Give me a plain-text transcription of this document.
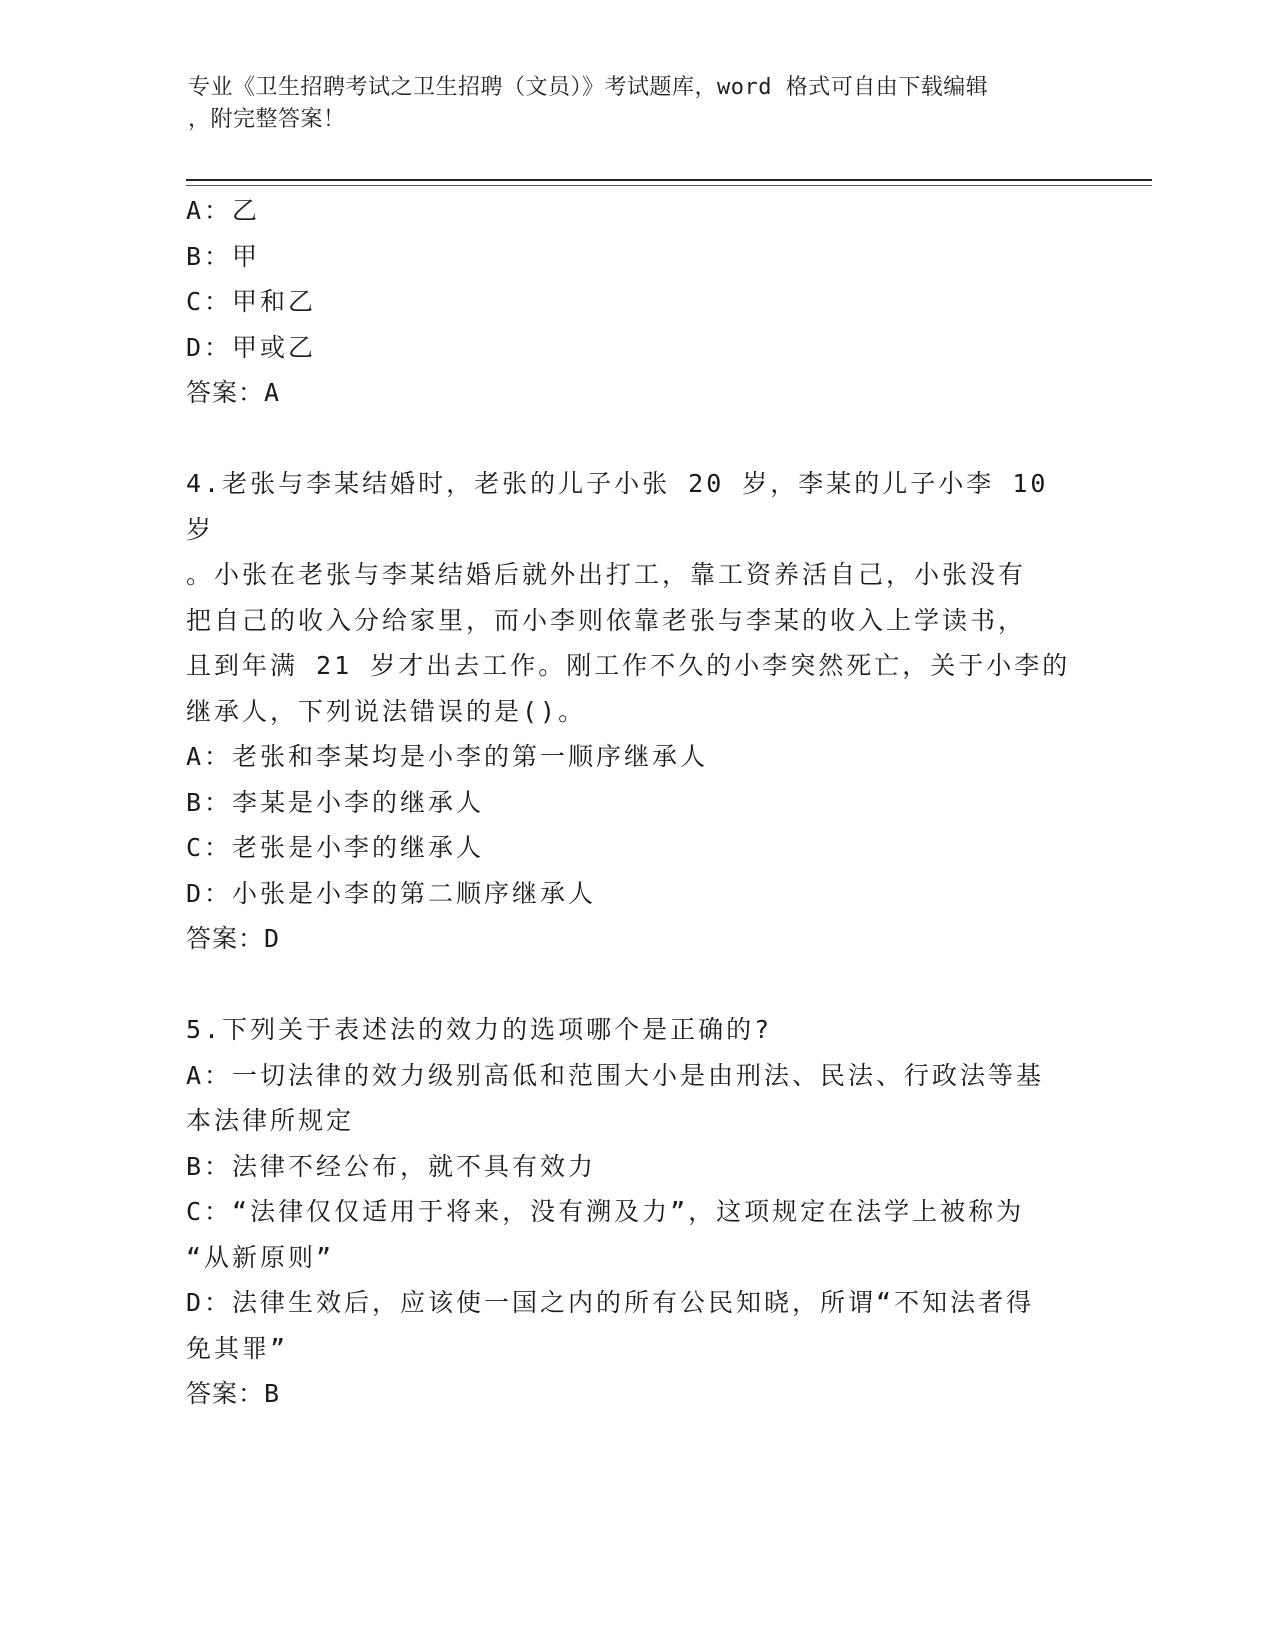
专业《卫生招聘考试之卫生招聘（文员）》考试题库，word 格式可自由下载编辑
，附完整答案！
A：乙
B：甲
C：甲和乙
D：甲或乙
答案：A
4.老张与李某结婚时，老张的儿子小张 20 岁，李某的儿子小李 10 岁
。小张在老张与李某结婚后就外出打工，靠工资养活自己，小张没有
把自己的收入分给家里，而小李则依靠老张与李某的收入上学读书，
且到年满 21 岁才出去工作。刚工作不久的小李突然死亡，关于小李的
继承人，下列说法错误的是()。
A：老张和李某均是小李的第一顺序继承人
B：李某是小李的继承人
C：老张是小李的继承人
D：小张是小李的第二顺序继承人
答案：D
5.下列关于表述法的效力的选项哪个是正确的?
A：一切法律的效力级别高低和范围大小是由刑法、民法、行政法等基
本法律所规定
B：法律不经公布，就不具有效力
C：“法律仅仅适用于将来，没有溯及力”，这项规定在法学上被称为
“从新原则”
D：法律生效后，应该使一国之内的所有公民知晓，所谓“不知法者得
免其罪”
答案：B
